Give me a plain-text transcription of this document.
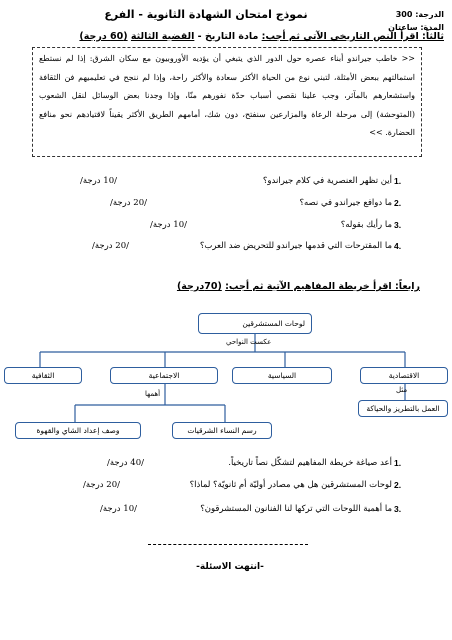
نموذج امتحان الشهادة الثانوية - الفرع	الدرجة: 300
المدة: ساعتان
ثالثاً: اقرأ النص التاريخي الآتي ثم أجب: مادة التاريخ - القضية الثالثة (60 درجة)
<< خاطب جيراندو أبناء عصره حول الدور الذي يتبغي أن يؤديه الأوروبيون مع سكان الشرق: إذا لم نستطع استمالتهم ببعض الأمثلة، لتبني نوع من الحياة الأكثر سعادة والأكثر راحة، وإذا لم ننجح في تعليميهم فن الثقافة واستشعارهم بالمآثر، وجب علينا نقصي أسباب حدّة نفورهم منّا، وإذا وجدنا بعض الوسائل لنقل الشعوب (المتوحشة) إلى مرحلة الرعاة والمزارعين سنفتح، دون شك، أمامهم الطريق الأكثر يقيناً لاقتيادهم نحو منافع الحضارة. >>
1.
أين تظهر العنصرية في كلام جيراندو؟
/10 درجة/
2.
ما دوافع جيراندو في نصه؟
/20 درجة/
3.
ما رأيك بقوله؟
/10 درجة/
4.
ما المقترحات التي قدمها جيراندو للتحريض ضد العرب؟
/20 درجة/
رابعاً: اقرأ خريطة المفاهيم الآتية ثم أجب: (70درجة)
لوحات المستشرقين
عكست النواحي
الاقتصادية
السياسية
الاجتماعية
الثقافية
مثل
العمل بالتطريز والحياكة
أهمها
رسم النساء الشرقيات
وصف إعداد الشاي والقهوة
1.
أعد صياغة خريطة المفاهيم لتشكّل نصاً تاريخياً.
/40 درجة/
2.
لوحات المستشرقين هل هي مصادر أوليّة أم ثانويّة؟ لماذا؟
/20 درجة/
3.
ما أهمية اللوحات التي تركها لنا الفنانون المستشرقون؟
/10 درجة/
-انتهت الاسئلة-
